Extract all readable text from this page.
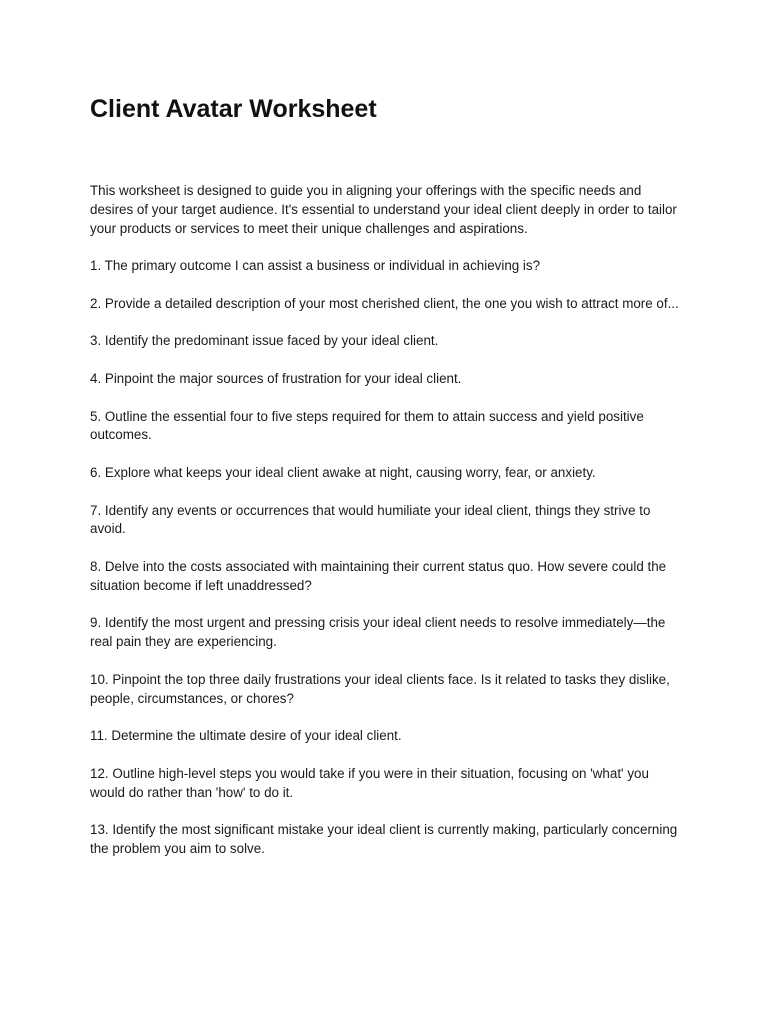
Client Avatar Worksheet

This worksheet is designed to guide you in aligning your offerings with the specific needs and desires of your target audience. It's essential to understand your ideal client deeply in order to tailor your products or services to meet their unique challenges and aspirations.

1. The primary outcome I can assist a business or individual in achieving is?

2. Provide a detailed description of your most cherished client, the one you wish to attract more of...

3. Identify the predominant issue faced by your ideal client.

4. Pinpoint the major sources of frustration for your ideal client.

5. Outline the essential four to five steps required for them to attain success and yield positive outcomes.

6. Explore what keeps your ideal client awake at night, causing worry, fear, or anxiety.

7. Identify any events or occurrences that would humiliate your ideal client, things they strive to avoid.

8. Delve into the costs associated with maintaining their current status quo. How severe could the situation become if left unaddressed?

9. Identify the most urgent and pressing crisis your ideal client needs to resolve immediately—the real pain they are experiencing.

10. Pinpoint the top three daily frustrations your ideal clients face. Is it related to tasks they dislike, people, circumstances, or chores?

11. Determine the ultimate desire of your ideal client.

12. Outline high-level steps you would take if you were in their situation, focusing on 'what' you would do rather than 'how' to do it.

13. Identify the most significant mistake your ideal client is currently making, particularly concerning the problem you aim to solve.
